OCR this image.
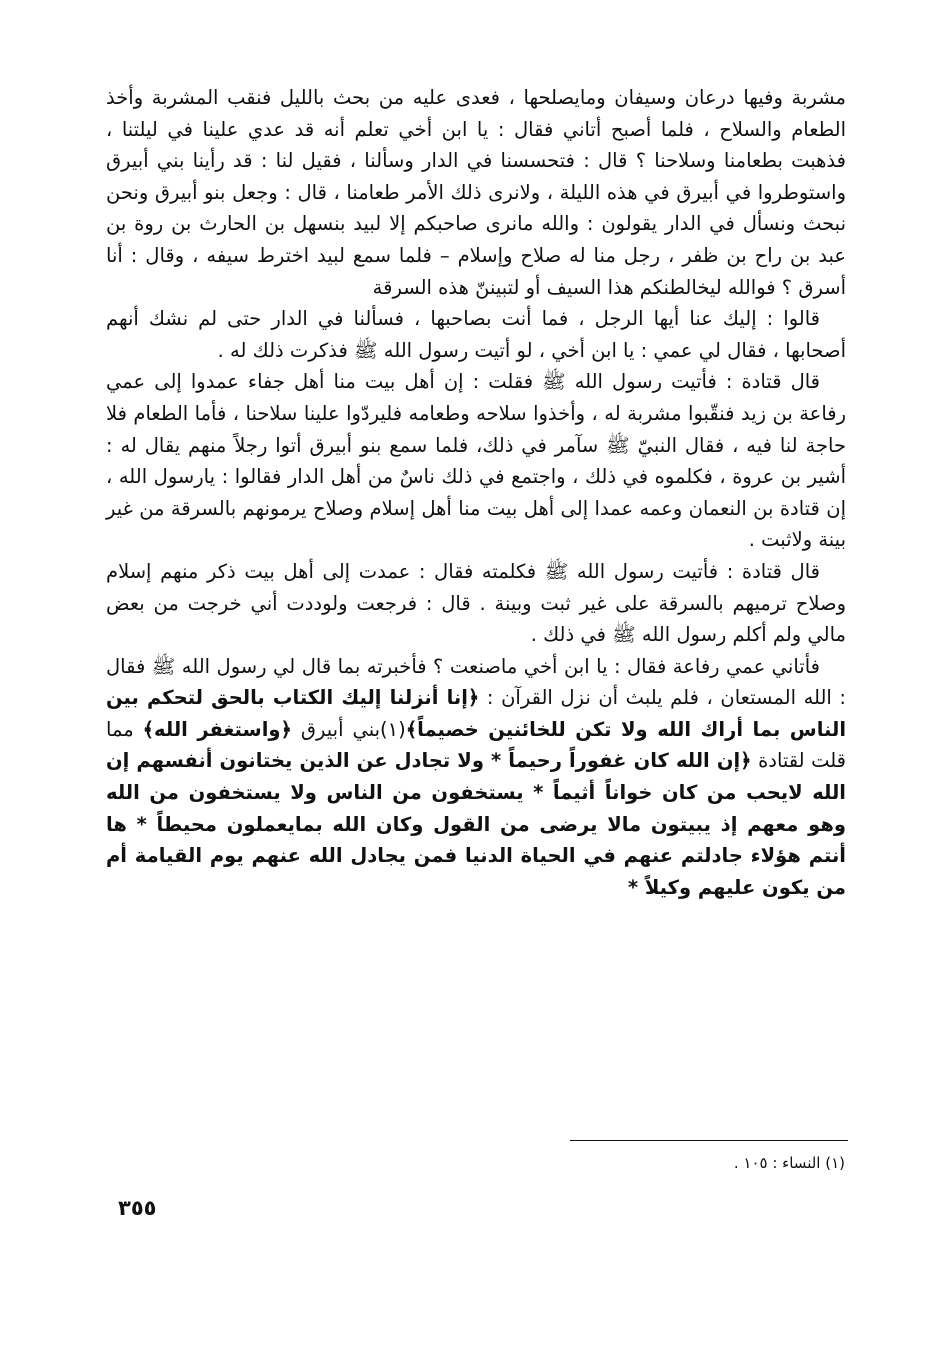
مشربة وفيها درعان وسيفان ومايصلحها ، فعدى عليه من بحث بالليل فنقب المشربة وأخذ الطعام والسلاح ، فلما أصبح أتاني فقال : يا ابن أخي تعلم أنه قد عدي علينا في ليلتنا ، فذهبت بطعامنا وسلاحنا ؟ قال : فتحسسنا في الدار وسألنا ، فقيل لنا : قد رأينا بني أبيرق واستوطروا في أبيرق في هذه الليلة ، ولانرى ذلك الأمر طعامنا ، قال : وجعل بنو أبيرق ونحن نبحث ونسأل في الدار يقولون : والله مانرى صاحبكم إلا لبيد بنسهل بن الحارث بن روة بن عبد بن راح بن ظفر ، رجل منا له صلاح وإسلام – فلما سمع لبيد اخترط سيفه ، وقال : أنا أسرق ؟ فوالله ليخالطنكم هذا السيف أو لتبيننّ هذه السرقة

قالوا : إليك عنا أيها الرجل ، فما أنت بصاحبها ، فسألنا في الدار حتى لم نشك أنهم أصحابها ، فقال لي عمي : يا ابن أخي ، لو أتيت رسول الله ﷺ فذكرت ذلك له .

قال قتادة : فأتيت رسول الله ﷺ فقلت : إن أهل بيت منا أهل جفاء عمدوا إلى عمي رفاعة بن زيد فنقّبوا مشربة له ، وأخذوا سلاحه وطعامه فليردّوا علينا سلاحنا ، فأما الطعام فلا حاجة لنا فيه ، فقال النبيّ ﷺ سآمر في ذلك، فلما سمع بنو أبيرق أتوا رجلاً منهم يقال له : أشير بن عروة ، فكلموه في ذلك ، واجتمع في ذلك ناسٌ من أهل الدار فقالوا : يارسول الله ، إن قتادة بن النعمان وعمه عمدا إلى أهل بيت منا أهل إسلام وصلاح يرمونهم بالسرقة من غير بينة ولاثبت .

قال قتادة : فأتيت رسول الله ﷺ فكلمته فقال : عمدت إلى أهل بيت ذكر منهم إسلام وصلاح ترميهم بالسرقة على غير ثبت وبينة . قال : فرجعت ولوددت أني خرجت من بعض مالي ولم أكلم رسول الله ﷺ في ذلك .

فأتاني عمي رفاعة فقال : يا ابن أخي ماصنعت ؟ فأخبرته بما قال لي رسول الله ﷺ فقال : الله المستعان ، فلم يلبث أن نزل القرآن : ﴿إنا أنزلنا إليك الكتاب بالحق لتحكم بين الناس بما أراك الله ولا تكن للخائنين خصيماً﴾(١)بني أبيرق ﴿واستغفر الله﴾ مما قلت لقتادة ﴿إن الله كان غفوراً رحيماً * ولا تجادل عن الذين يختانون أنفسهم إن الله لايحب من كان خواناً أثيماً * يستخفون من الناس ولا يستخفون من الله وهو معهم إذ يبيتون مالا يرضى من القول وكان الله بمايعملون محيطاً * ها أنتم هؤلاء جادلتم عنهم في الحياة الدنيا فمن يجادل الله عنهم يوم القيامة أم من يكون عليهم وكيلاً *

(١) النساء : ١٠٥ .
٣٥٥
